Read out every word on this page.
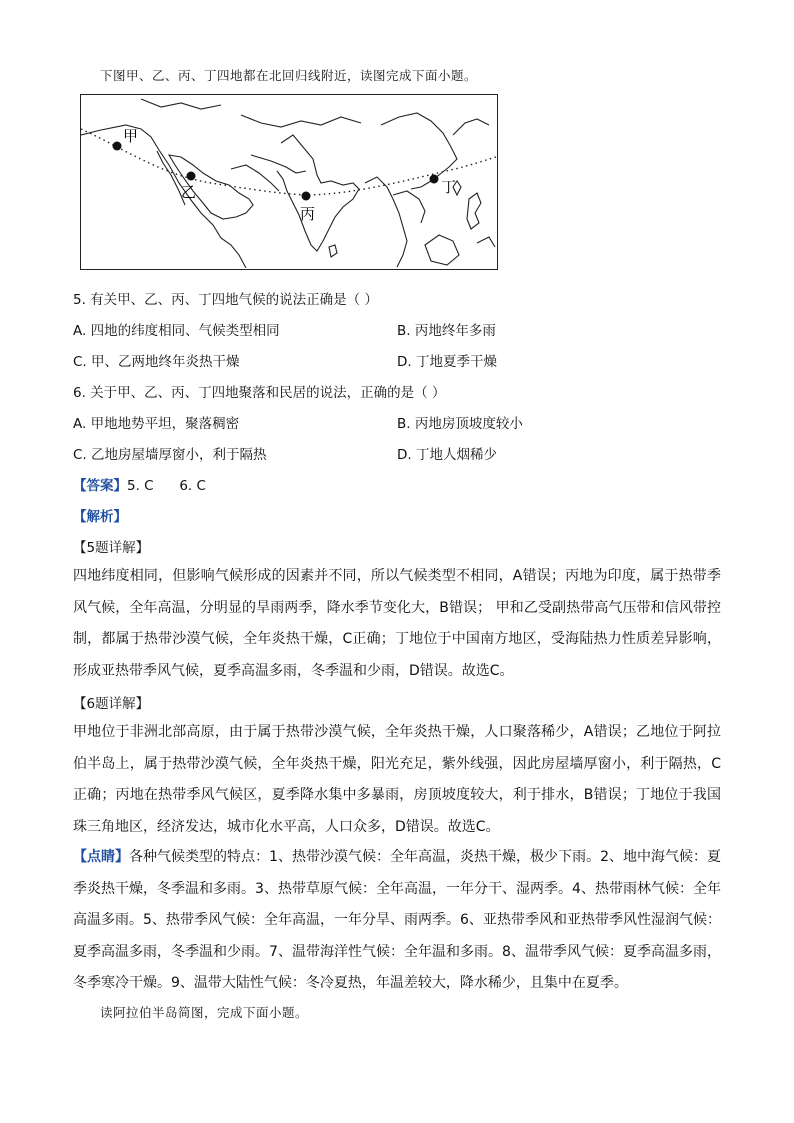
下图甲、乙、丙、丁四地都在北回归线附近，读图完成下面小题。
甲
乙
丙
丁
5. 有关甲、乙、丙、丁四地气候的说法正确是（ ）
A. 四地的纬度相同、气候类型相同	B. 丙地终年多雨
C. 甲、乙两地终年炎热干燥	D. 丁地夏季干燥
6. 关于甲、乙、丙、丁四地聚落和民居的说法，正确的是（ ）
A. 甲地地势平坦，聚落稠密	B. 丙地房顶坡度较小
C. 乙地房屋墙厚窗小，利于隔热	D. 丁地人烟稀少
【答案】5. C      6. C
【解析】
【5题详解】

四地纬度相同，但影响气候形成的因素并不同，所以气候类型不相同，A错误；丙地为印度，属于热带季风气候，全年高温，分明显的旱雨两季，降水季节变化大，B错误； 甲和乙受副热带高气压带和信风带控制，都属于热带沙漠气候，全年炎热干燥，C正确；丁地位于中国南方地区，受海陆热力性质差异影响，形成亚热带季风气候，夏季高温多雨，冬季温和少雨，D错误。故选C。

【6题详解】

甲地位于非洲北部高原，由于属于热带沙漠气候，全年炎热干燥，人口聚落稀少，A错误；乙地位于阿拉伯半岛上，属于热带沙漠气候，全年炎热干燥，阳光充足，紫外线强，因此房屋墙厚窗小，利于隔热，C正确；丙地在热带季风气候区，夏季降水集中多暴雨，房顶坡度较大，利于排水，B错误；丁地位于我国珠三角地区，经济发达，城市化水平高，人口众多，D错误。故选C。

【点睛】各种气候类型的特点：1、热带沙漠气候：全年高温，炎热干燥，极少下雨。2、地中海气候：夏季炎热干燥，冬季温和多雨。3、热带草原气候：全年高温，一年分干、湿两季。4、热带雨林气候：全年高温多雨。5、热带季风气候：全年高温，一年分旱、雨两季。6、亚热带季风和亚热带季风性湿润气候：夏季高温多雨，冬季温和少雨。7、温带海洋性气候：全年温和多雨。8、温带季风气候：夏季高温多雨，冬季寒冷干燥。9、温带大陆性气候：冬冷夏热，年温差较大，降水稀少，且集中在夏季。

读阿拉伯半岛简图，完成下面小题。
